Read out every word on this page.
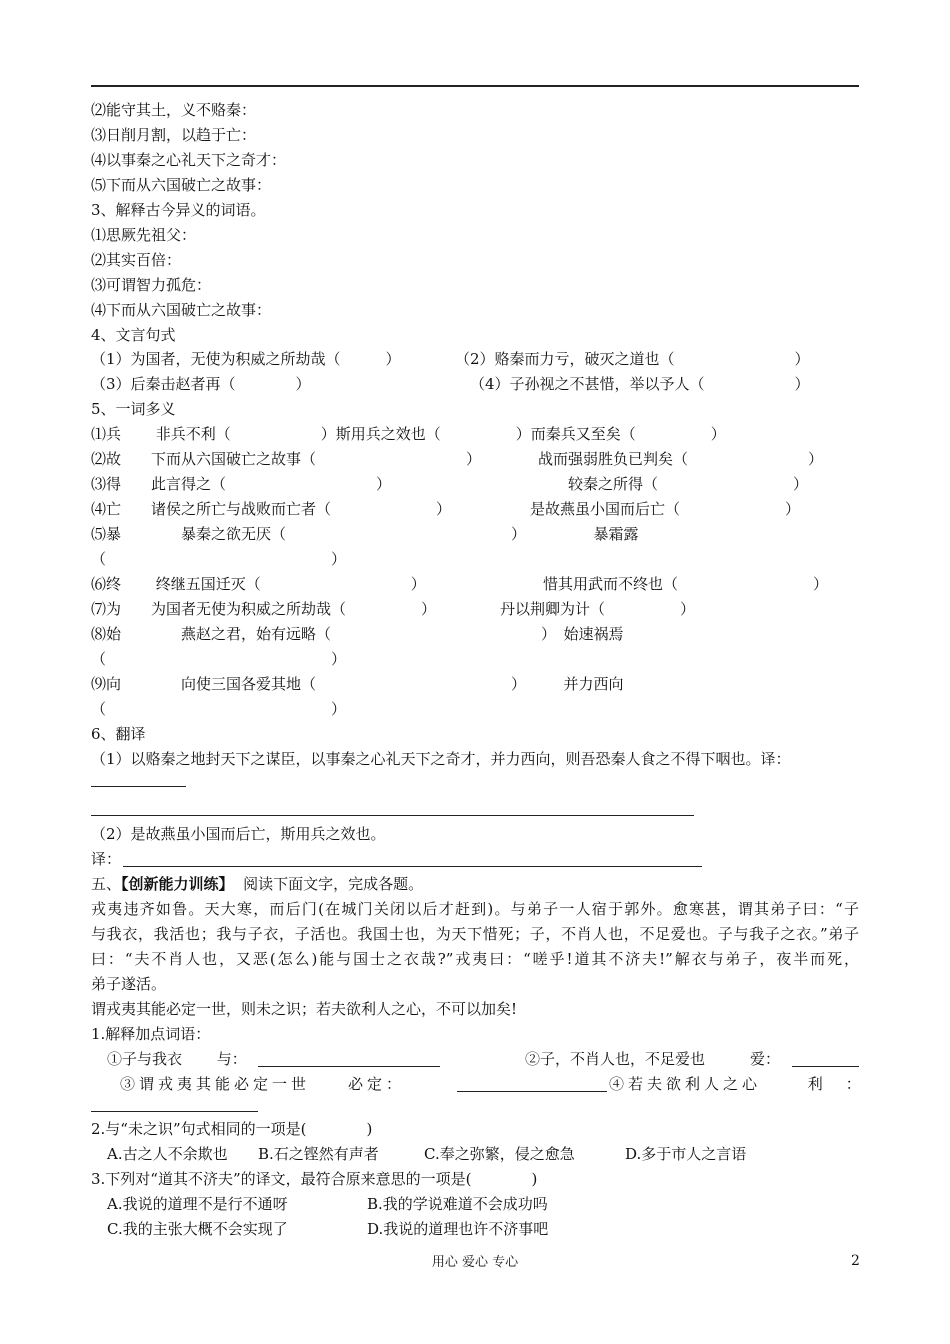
⑵能守其土，义不赂秦：
⑶日削月割，以趋于亡：
⑷以事秦之心礼天下之奇才：
⑸下而从六国破亡之故事：
3、解释古今异义的词语。
⑴思厥先祖父：
⑵其实百倍：
⑶可谓智力孤危：
⑷下而从六国破亡之故事：
4、文言句式
（1）为国者，无使为积威之所劫哉（　　　）	（2）赂秦而力亏，破灭之道也（　　　　　　　　）
（3）后秦击赵者再（　　　　）	（4）子孙视之不甚惜，举以予人（　　　　　　）
5、一词多义
⑴兵　　 非兵不利（　　　　　　）斯用兵之效也（　　　　　）而秦兵又至矣（　　　　　）
⑵故　　下而从六国破亡之故事（　　　　　　　　　　）	战而强弱胜负已判矣（　　　　　　　　）
⑶得　　此言得之（　　　　　　　　　　）	较秦之所得（　　　　　　　　　）
⑷亡　　诸侯之所亡与战败而亡者（　　　　　　　）	是故燕虽小国而后亡（　　　　　　　）
⑸暴　　　　暴秦之欲无厌（　　　　　　　　　　　　　　　）　　　　　暴霜露
（　　　　　　　　　　　　　　　）
⑹终　　 终继五国迁灭（　　　　　　　　　　）	惜其用武而不终也（　　　　　　　　　）
⑺为　　为国者无使为积威之所劫哉（　　　　　）	丹以荆卿为计（　　　　　）
⑻始　　　　燕赵之君，始有远略（　　　　　　　　　　　　　　）　始速祸焉
（　　　　　　　　　　　　　　　）
⑼向　　　　向使三国各爱其地（　　　　　　　　　　　　　）　　　并力西向
（　　　　　　　　　　　　　　　）
6、翻译
（1）以赂秦之地封天下之谋臣，以事秦之心礼天下之奇才，并力西向，则吾恐秦人食之不得下咽也。译：
（2）是故燕虽小国而后亡，斯用兵之效也。
译：
五、【创新能力训练】 阅读下面文字，完成各题。
戎夷违齐如鲁。天大寒，而后门(在城门关闭以后才赶到)。与弟子一人宿于郭外。愈寒甚，谓其弟子曰：“子
与我衣，我活也；我与子衣，子活也。我国士也，为天下惜死；子，不肖人也，不足爱也。子与我子之衣。”弟子
曰：“夫不肖人也，又恶(怎么)能与国士之衣哉?”戎夷曰：“嗟乎!道其不济夫!”解衣与弟子，夜半而死，
弟子遂活。
谓戎夷其能必定一世，则未之识；若夫欲利人之心，不可以加矣!
1.解释加点词语：
①子与我衣　　 与：	②子，不肖人也，不足爱也　　　爱：
③谓戎夷其能必定一世　　必定：	④若夫欲利人之心　　 利　：
2.与“未之识”句式相同的一项是(　　　　)
A.古之人不余欺也 B.石之铿然有声者	C.奉之弥繁，侵之愈急	D.多于市人之言语
3.下列对“道其不济夫”的译文，最符合原来意思的一项是(　　　　)
A.我说的道理不是行不通呀	B.我的学说难道不会成功吗
C.我的主张大概不会实现了	D.我说的道理也许不济事吧
用心 爱心 专心	2
